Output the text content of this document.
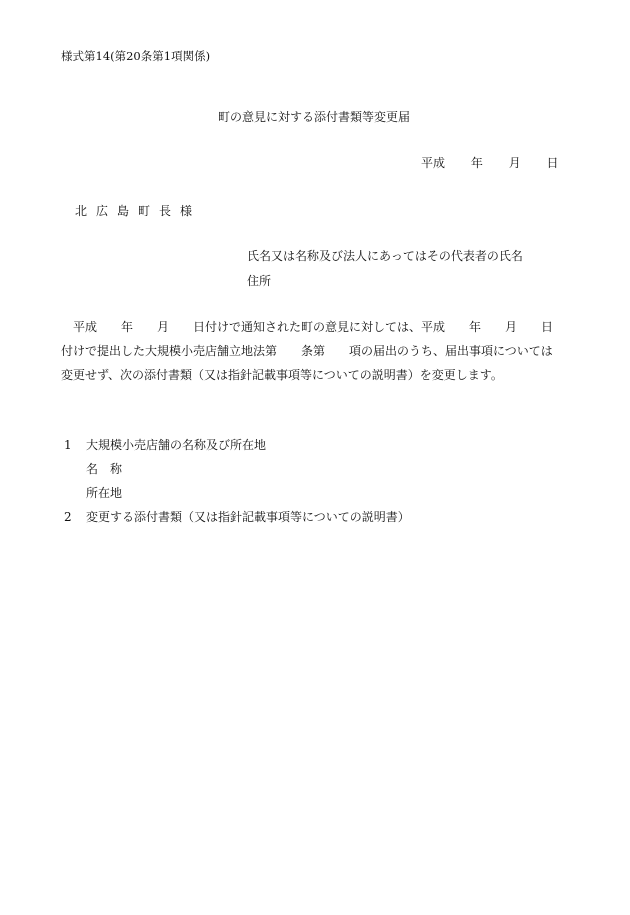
様式第14(第20条第1項関係)
町の意見に対する添付書類等変更届
平成 年 月 日
北広島町長様
氏名又は名称及び法人にあってはその代表者の氏名
住所
　平成　　年　　月　　日付けで通知された町の意見に対しては、平成　　年　　月　　日
付けで提出した大規模小売店舗立地法第　　条第　　項の届出のうち、届出事項については
変更せず、次の添付書類（又は指針記載事項等についての説明書）を変更します。
1 大規模小売店舗の名称及び所在地
名　称
所在地
2 変更する添付書類（又は指針記載事項等についての説明書）
